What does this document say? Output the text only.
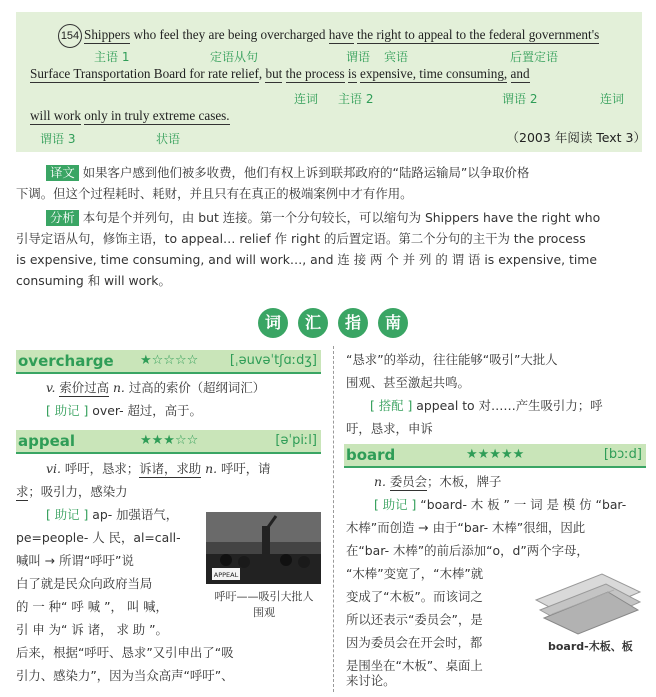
154 Shippers who feel they are being overcharged have the right to appeal to the federal government's
主语 1	定语从句	谓语 宾语	后置定语
Surface Transportation Board for rate relief, but the process is expensive, time consuming, and
连词 主语 2	谓语 2	连词
will work only in truly extreme cases.
谓语 3	状语	（2003 年阅读 Text 3）
译文 如果客户感到他们被多收费，他们有权上诉到联邦政府的“陆路运输局”以争取价格
下调。但这个过程耗时、耗财，并且只有在真正的极端案例中才有作用。
分析 本句是个并列句，由 but 连接。第一个分句较长，可以缩句为 Shippers have the right who
引导定语从句，修饰主语，to appeal… relief 作 right 的后置定语。第二个分句的主干为 the process
is expensive, time consuming, and will work…, and 连 接 两 个 并 列 的 谓 语 is expensive, time
consuming 和 will work。
词	汇	指	南
overcharge ★☆☆☆☆ [ˌəuvəˈtʃɑːdʒ]
v. 索价过高 n. 过高的索价（超纲词汇）
[ 助记 ] over- 超过，高于。
appeal	★★★☆☆	[əˈpiːl]
vi. 呼吁，恳求；诉诸，求助 n. 呼吁，请
求；吸引力，感染力
[ 助记 ] ap- 加强语气，
pe=people- 人 民，al=call-
喊叫 → 所谓“呼吁”说
白了就是民众向政府当局
的 一 种“ 呼 喊 ”， 叫 喊，
引 申 为“ 诉 诸， 求 助 ”。
后来，根据“呼吁、恳求”又引申出了“吸
引力、感染力”，因为当众高声“呼吁”、
APPEAL
呼吁——吸引大批人
围观
“恳求”的举动，往往能够“吸引”大批人
围观、甚至激起共鸣。
[ 搭配 ] appeal to 对……产生吸引力；呼
吁，恳求，申诉
board	★★★★★	[bɔːd]
n. 委员会；木板，牌子
[ 助记 ] “board- 木 板 ” 一 词 是 模 仿 “bar-
木棒”而创造 → 由于“bar- 木棒”很细，因此
在“bar- 木棒”的前后添加“o，d”两个字母，
“木棒”变宽了，“木棒”就
变成了“木板”。而该词之
所以还表示“委员会”，是
因为委员会在开会时，都
是围坐在“木板”、桌面上
来讨论。
board-木板、板
